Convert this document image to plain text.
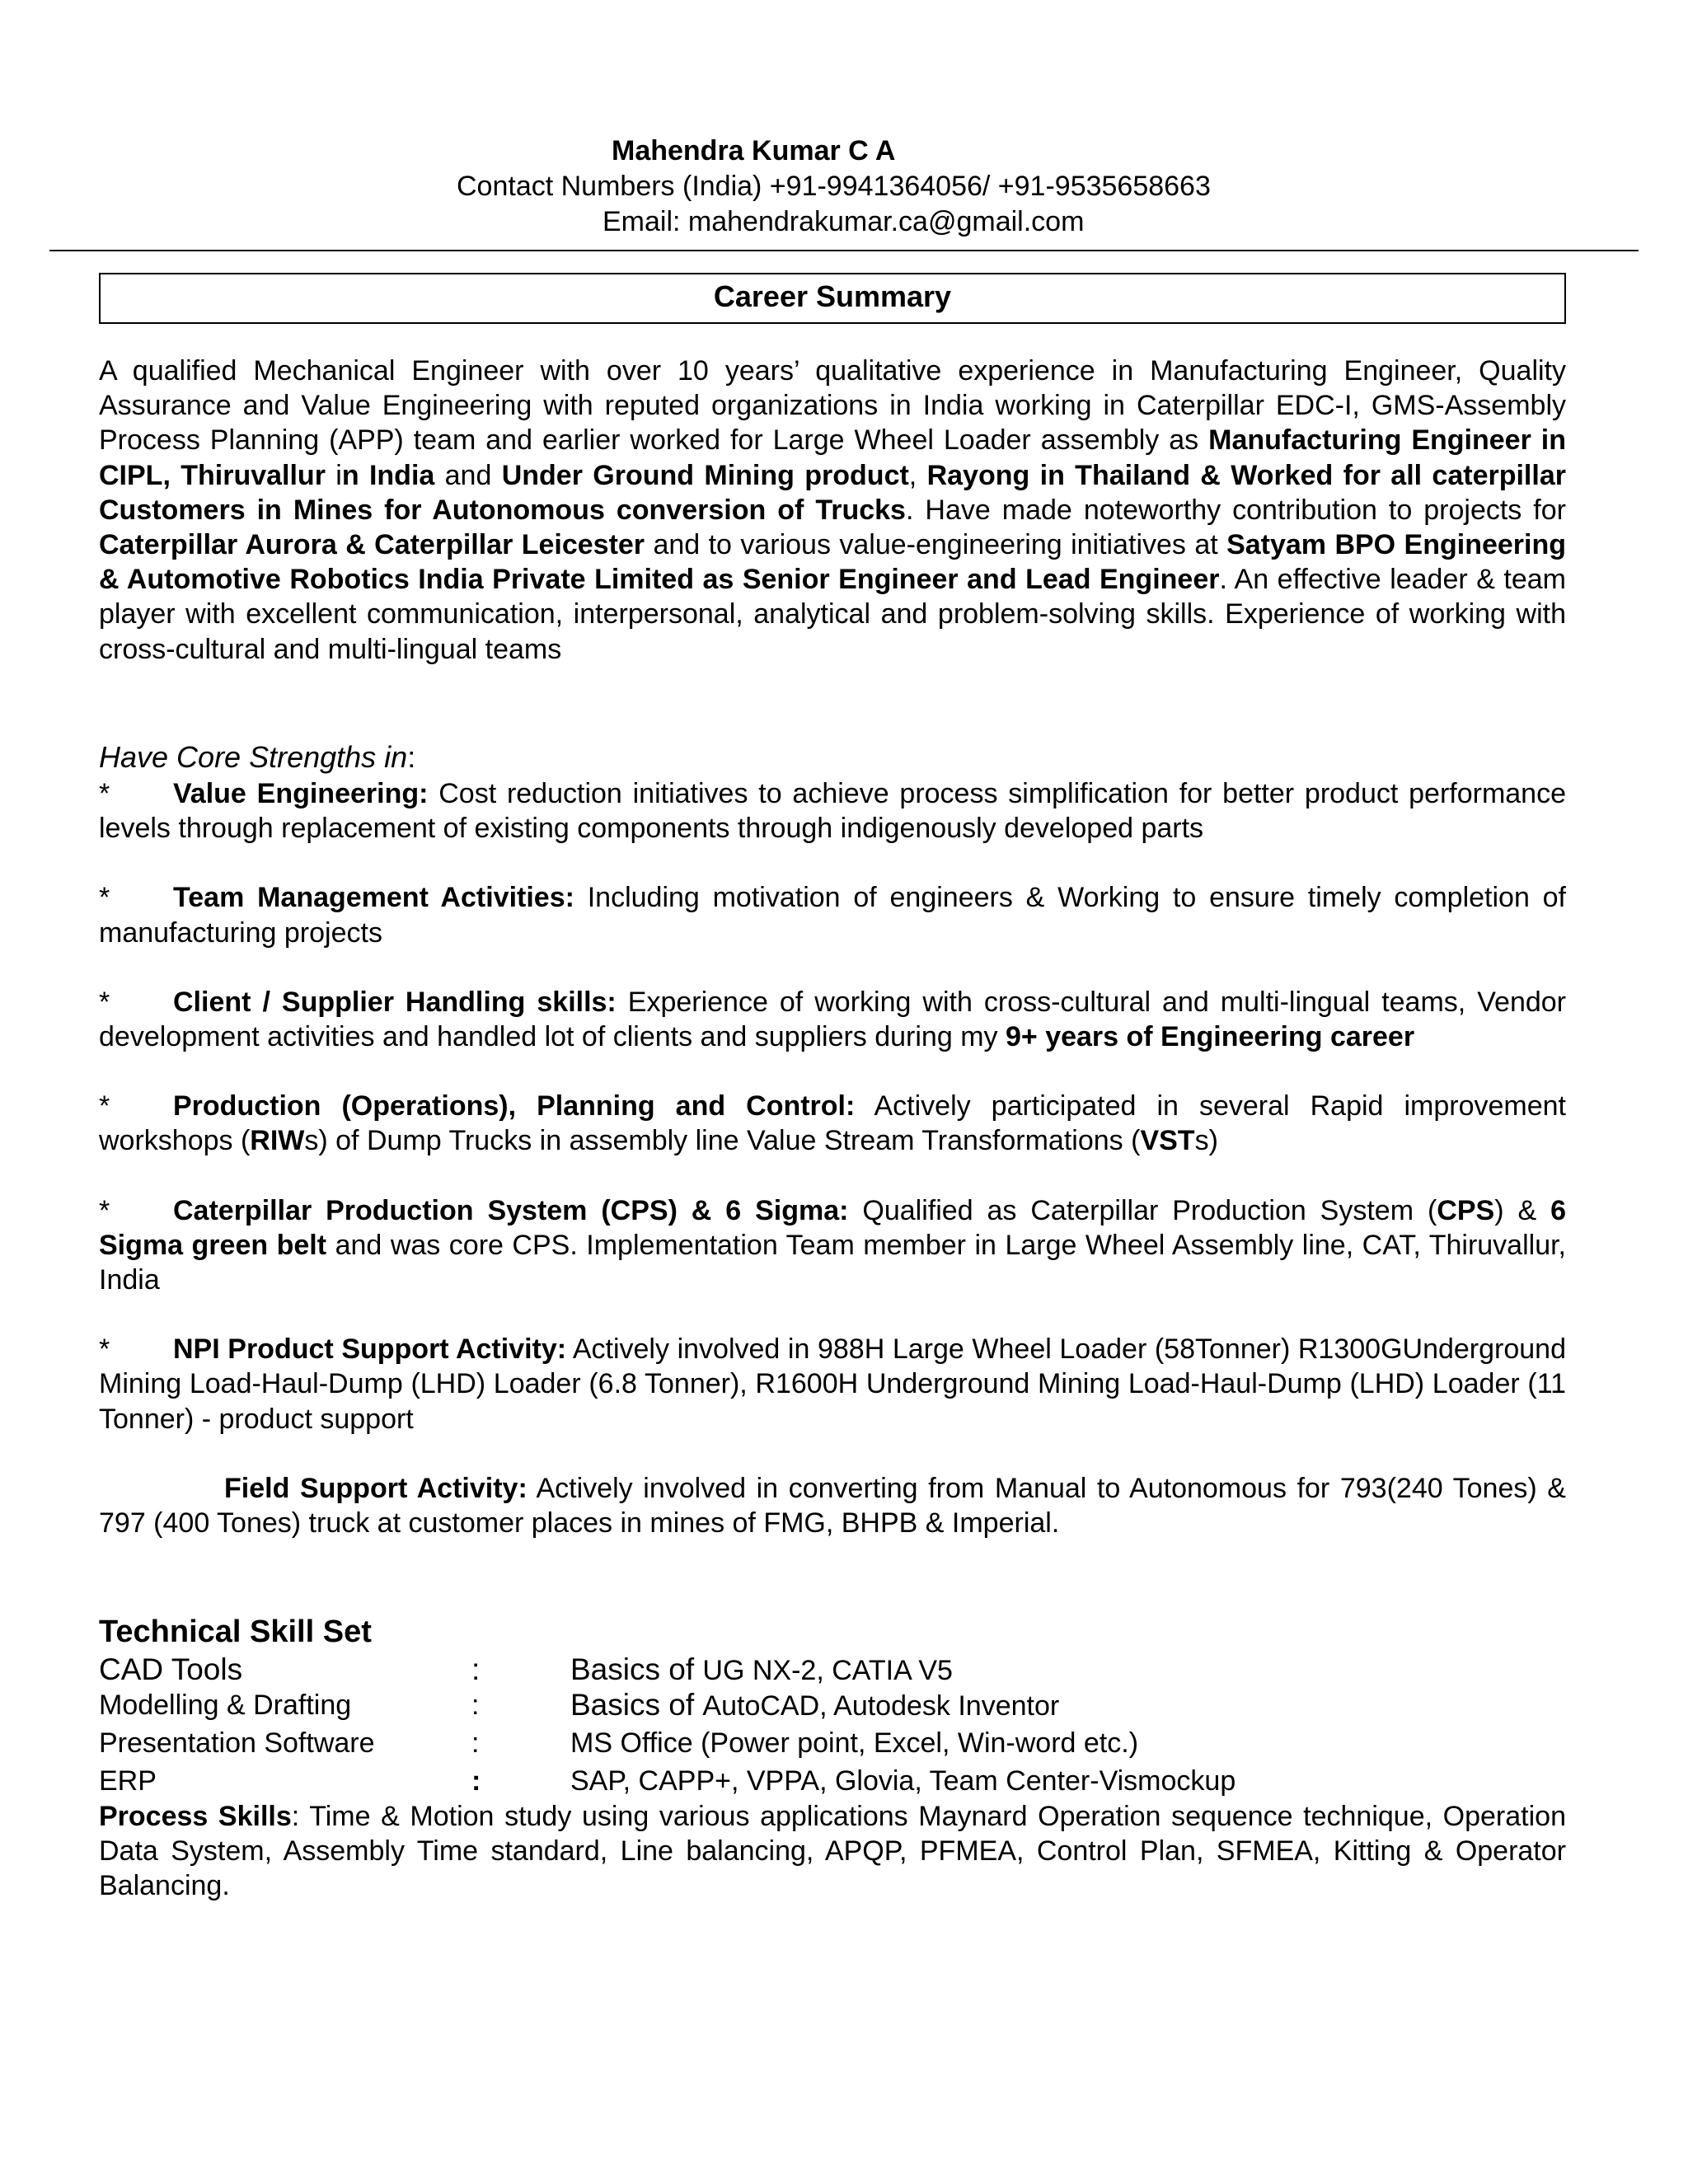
Mahendra Kumar C A
Contact Numbers (India) +91-9941364056/ +91-9535658663
Email: mahendrakumar.ca@gmail.com
Career Summary

A qualified Mechanical Engineer with over 10 years’ qualitative experience in Manufacturing Engineer, Quality Assurance and Value Engineering with reputed organizations in India working in Caterpillar EDC-I, GMS-Assembly Process Planning (APP) team and earlier worked for Large Wheel Loader assembly as Manufacturing Engineer in CIPL, Thiruvallur in India and Under Ground Mining product, Rayong in Thailand & Worked for all caterpillar Customers in Mines for Autonomous conversion of Trucks. Have made noteworthy contribution to projects for Caterpillar Aurora & Caterpillar Leicester and to various value-engineering initiatives at Satyam BPO Engineering & Automotive Robotics India Private Limited as Senior Engineer and Lead Engineer. An effective leader & team player with excellent communication, interpersonal, analytical and problem-solving skills. Experience of working with cross-cultural and multi-lingual teams

Have Core Strengths in:

* Value Engineering: Cost reduction initiatives to achieve process simplification for better product performance levels through replacement of existing components through indigenously developed parts

* Team Management Activities: Including motivation of engineers & Working to ensure timely completion of manufacturing projects

* Client / Supplier Handling skills: Experience of working with cross-cultural and multi-lingual teams, Vendor development activities and handled lot of clients and suppliers during my 9+ years of Engineering career

* Production (Operations), Planning and Control: Actively participated in several Rapid improvement workshops (RIWs) of Dump Trucks in assembly line Value Stream Transformations (VSTs)

* Caterpillar Production System (CPS) & 6 Sigma: Qualified as Caterpillar Production System (CPS) & 6 Sigma green belt and was core CPS. Implementation Team member in Large Wheel Assembly line, CAT, Thiruvallur, India

* NPI Product Support Activity: Actively involved in 988H Large Wheel Loader (58Tonner) R1300GUnderground Mining Load-Haul-Dump (LHD) Loader (6.8 Tonner), R1600H Underground Mining Load-Haul-Dump (LHD) Loader (11 Tonner) - product support

Field Support Activity: Actively involved in converting from Manual to Autonomous for 793(240 Tones) & 797 (400 Tones) truck at customer places in mines of FMG, BHPB & Imperial.

Technical Skill Set

CAD Tools	:	Basics of UG NX-2, CATIA V5
Modelling & Drafting	:	Basics of AutoCAD, Autodesk Inventor
Presentation Software	:	MS Office (Power point, Excel, Win-word etc.)
ERP	:	SAP, CAPP+, VPPA, Glovia, Team Center-Vismockup

Process Skills: Time & Motion study using various applications Maynard Operation sequence technique, Operation Data System, Assembly Time standard, Line balancing, APQP, PFMEA, Control Plan, SFMEA, Kitting & Operator Balancing.
